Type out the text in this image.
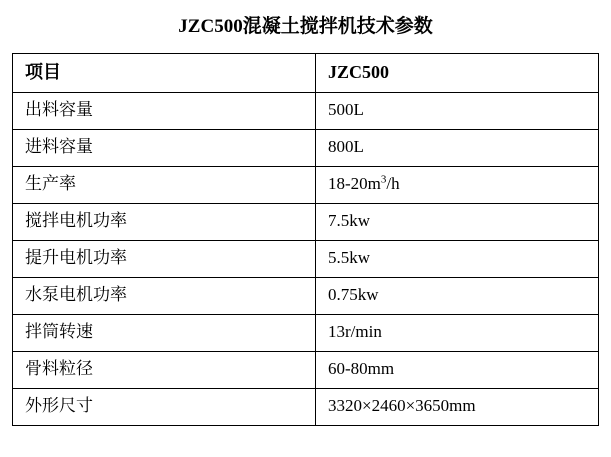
JZC500混凝土搅拌机技术参数
项目	JZC500
出料容量	500L
进料容量	800L
生产率	$18-20m^3/h$
搅拌电机功率	7.5kw
提升电机功率	5.5kw
水泵电机功率	0.75kw
拌筒转速	13r/min
骨料粒径	60-80mm
外形尺寸	3320×2460×3650mm
